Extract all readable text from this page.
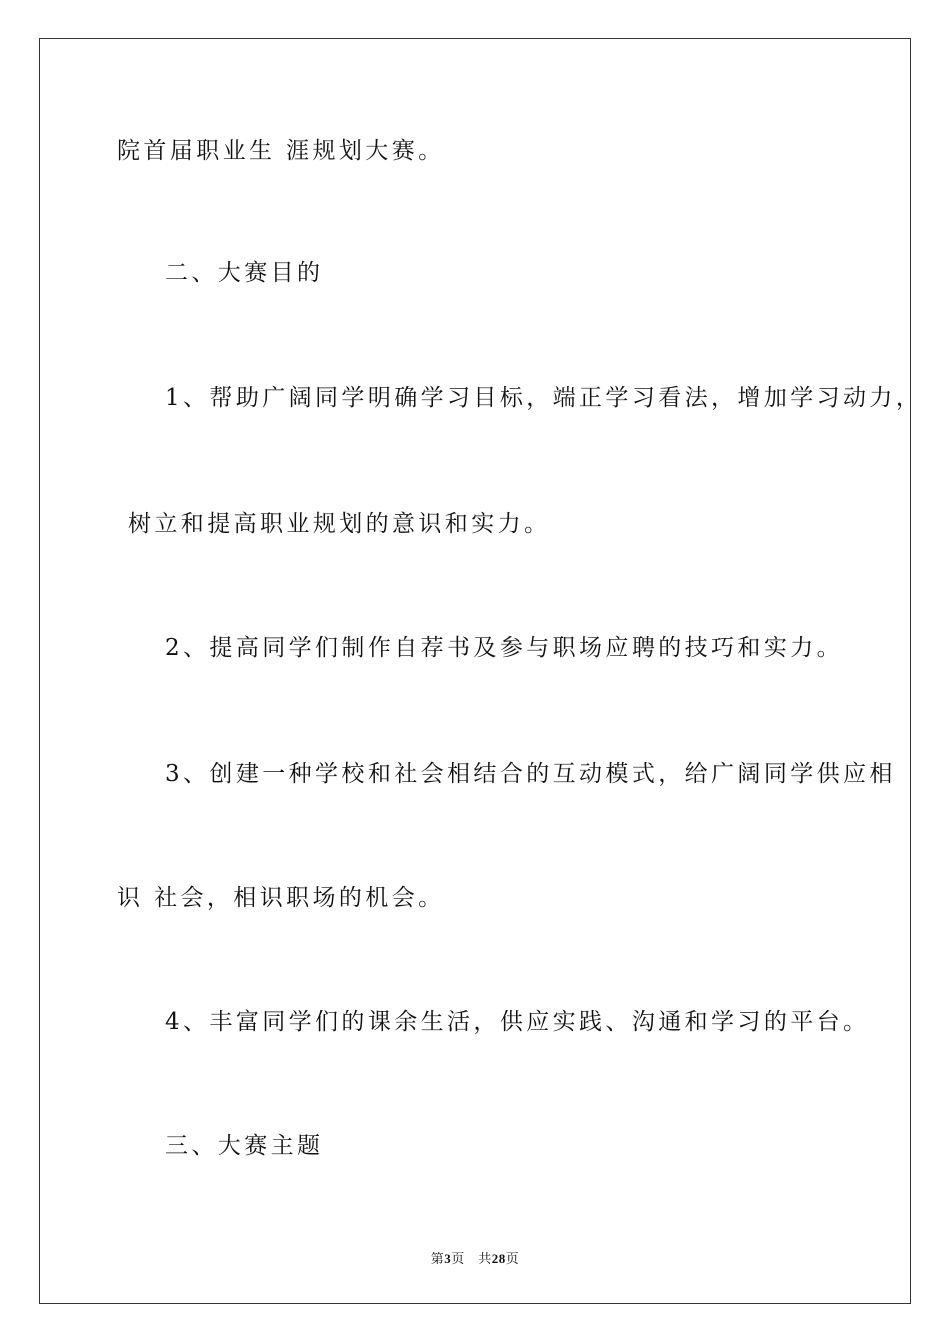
院首届职业生 涯规划大赛。
二、大赛目的
1、帮助广阔同学明确学习目标，端正学习看法，增加学习动力，
树立和提高职业规划的意识和实力。
2、提高同学们制作自荐书及参与职场应聘的技巧和实力。
3、创建一种学校和社会相结合的互动模式，给广阔同学供应相
识 社会，相识职场的机会。
4、丰富同学们的课余生活，供应实践、沟通和学习的平台。
三、大赛主题
第3页　共28页
